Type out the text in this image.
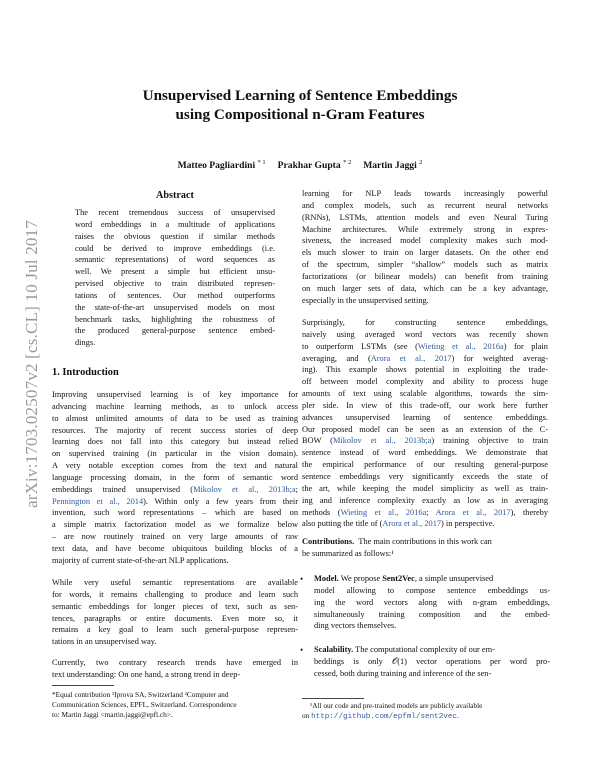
arXiv:1703.02507v2 [cs.CL] 10 Jul 2017
Unsupervised Learning of Sentence Embeddings
using Compositional n-Gram Features
Matteo Pagliardini $^{* 1}$ Prakhar Gupta $^{* 2}$ Martin Jaggi $^2$
Abstract
The recent tremendous success of unsupervised
word embeddings in a multitude of applications
raises the obvious question if similar methods
could be derived to improve embeddings (i.e.
semantic representations) of word sequences as
well. We present a simple but efficient unsu-
pervised objective to train distributed represen-
tations of sentences. Our method outperforms
the state-of-the-art unsupervised models on most
benchmark tasks, highlighting the robustness of
the produced general-purpose sentence embed-
dings.
1. Introduction
Improving unsupervised learning is of key importance for
advancing machine learning methods, as to unlock access
to almost unlimited amounts of data to be used as training
resources. The majority of recent success stories of deep
learning does not fall into this category but instead relied
on supervised training (in particular in the vision domain).
A very notable exception comes from the text and natural
language processing domain, in the form of semantic word
embeddings trained unsupervised (Mikolov et al., 2013b;a;
Pennington et al., 2014). Within only a few years from their
invention, such word representations – which are based on
a simple matrix factorization model as we formalize below
– are now routinely trained on very large amounts of raw
text data, and have become ubiquitous building blocks of a
majority of current state-of-the-art NLP applications.
While very useful semantic representations are available
for words, it remains challenging to produce and learn such
semantic embeddings for longer pieces of text, such as sen-
tences, paragraphs or entire documents. Even more so, it
remains a key goal to learn such general-purpose represen-
tations in an unsupervised way.
Currently, two contrary research trends have emerged in
text understanding: On one hand, a strong trend in deep-
*Equal contribution ¹Iprova SA, Switzerland ²Computer and
Communication Sciences, EPFL, Switzerland. Correspondence
to: Martin Jaggi <martin.jaggi@epfl.ch>.
learning for NLP leads towards increasingly powerful
and complex models, such as recurrent neural networks
(RNNs), LSTMs, attention models and even Neural Turing
Machine architectures. While extremely strong in expres-
siveness, the increased model complexity makes such mod-
els much slower to train on larger datasets. On the other end
of the spectrum, simpler “shallow” models such as matrix
factorizations (or bilinear models) can benefit from training
on much larger sets of data, which can be a key advantage,
especially in the unsupervised setting.
Surprisingly, for constructing sentence embeddings,
naively using averaged word vectors was recently shown
to outperform LSTMs (see (Wieting et al., 2016a) for plain
averaging, and (Arora et al., 2017) for weighted averag-
ing). This example shows potential in exploiting the trade-
off between model complexity and ability to process huge
amounts of text using scalable algorithms, towards the sim-
pler side. In view of this trade-off, our work here further
advances unsupervised learning of sentence embeddings.
Our proposed model can be seen as an extension of the C-
BOW (Mikolov et al., 2013b;a) training objective to train
sentence instead of word embeddings. We demonstrate that
the empirical performance of our resulting general-purpose
sentence embeddings very significantly exceeds the state of
the art, while keeping the model simplicity as well as train-
ing and inference complexity exactly as low as in averaging
methods (Wieting et al., 2016a; Arora et al., 2017), thereby
also putting the title of (Arora et al., 2017) in perspective.

Contributions. The main contributions in this work can

be summarized as follows:¹

• Model. We propose Sent2Vec, a simple unsupervised

model allowing to compose sentence embeddings us-
ing the word vectors along with n-gram embeddings,
simultaneously training composition and the embed-
ding vectors themselves.
• Scalability. The computational complexity of our em-

beddings is only 𝒪(1) vector operations per word pro-
cessed, both during training and inference of the sen-

¹All our code and pre-trained models are publicly available

on http://github.com/epfml/sent2vec.
